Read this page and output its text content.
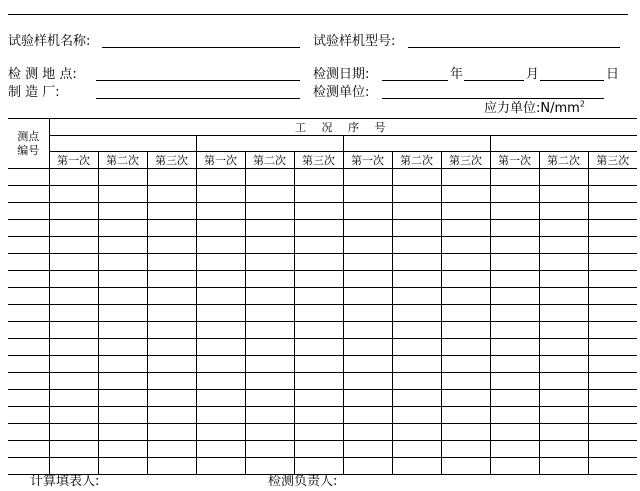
试验样机名称:	试验样机型号:
检 测 地 点:	检测日期:	年	月	日
制 造 厂:	检测单位:
应力单位$:N/mm^2$
测点
编号	工 况 序 号											

	第一次	第二次	第三次	第一次	第二次	第三次	第一次	第二次	第三次	第一次	第二次	第三次

计算填表人:	检测负责人:
